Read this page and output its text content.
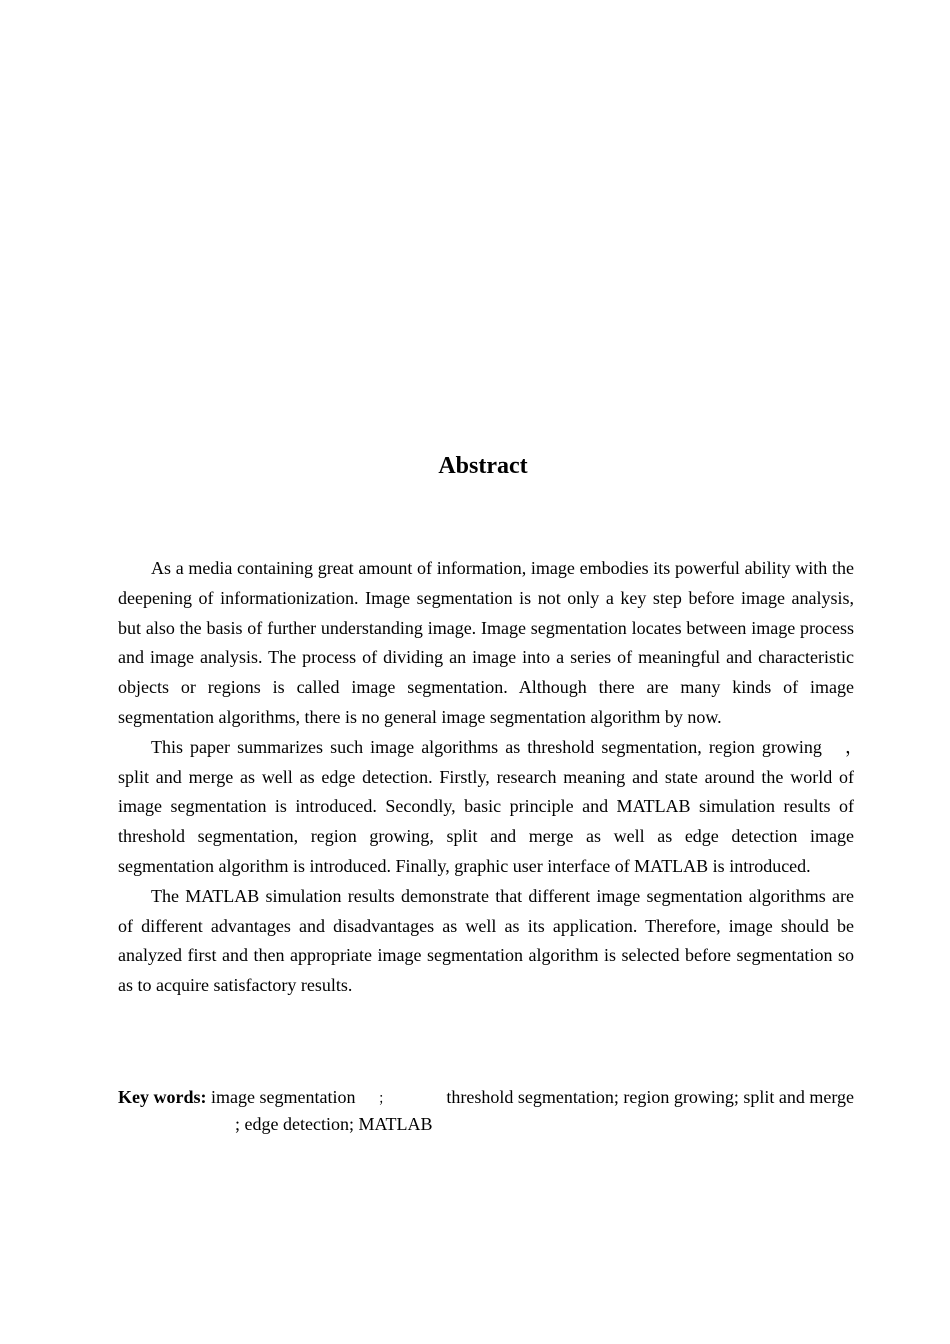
Abstract

As a media containing great amount of information, image embodies its powerful ability with the deepening of informationization. Image segmentation is not only a key step before image analysis, but also the basis of further understanding image. Image segmentation locates between image process and image analysis. The process of dividing an image into a series of meaningful and characteristic objects or regions is called image segmentation. Although there are many kinds of image segmentation algorithms, there is no general image segmentation algorithm by now.

This paper summarizes such image algorithms as threshold segmentation, region growing　，　split and merge as well as edge detection. Firstly, research meaning and state around the world of image segmentation is introduced. Secondly, basic principle and MATLAB simulation results of threshold segmentation, region growing, split and merge as well as edge detection image segmentation algorithm is introduced. Finally, graphic user interface of MATLAB is introduced.

The MATLAB simulation results demonstrate that different image segmentation algorithms are of different advantages and disadvantages as well as its application. Therefore, image should be analyzed first and then appropriate image segmentation algorithm is selected before segmentation so as to acquire satisfactory results.

Key words: image segmentation ；	threshold segmentation; region growing; split and merge
; edge detection; MATLAB
